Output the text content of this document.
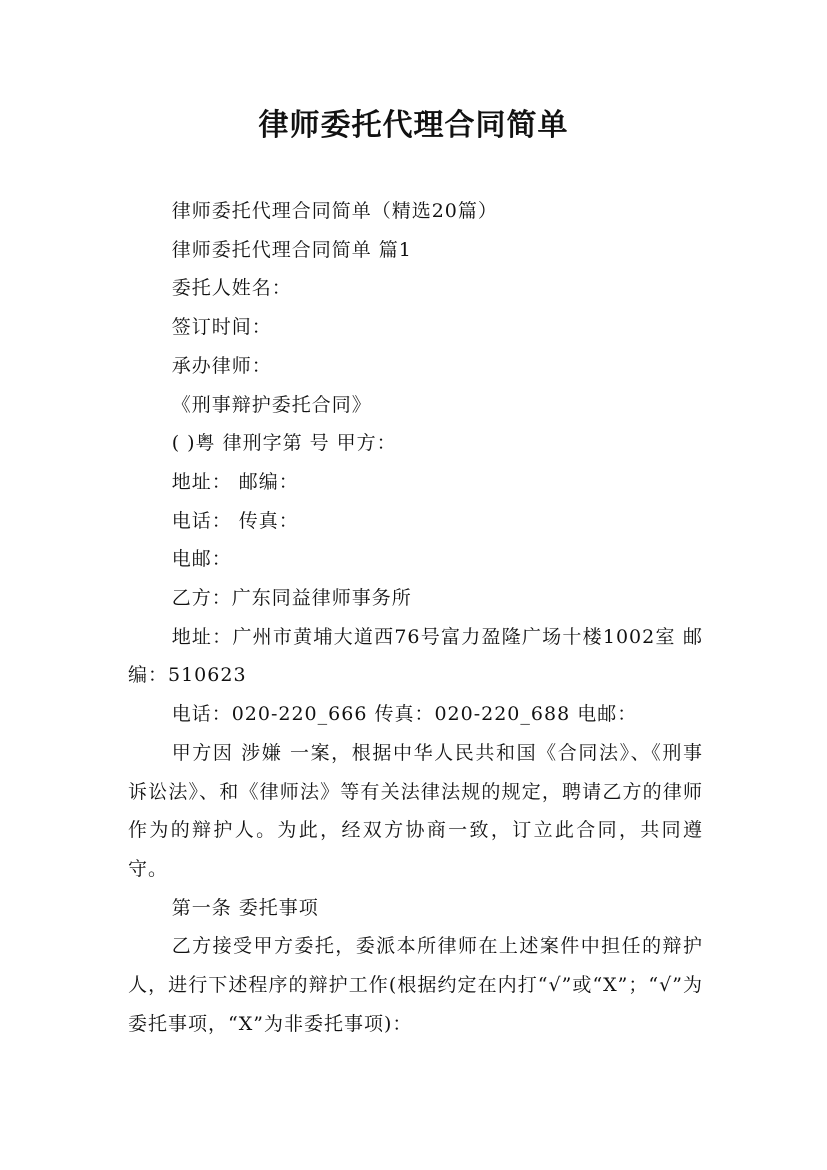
律师委托代理合同简单

律师委托代理合同简单（精选20篇）

律师委托代理合同简单 篇1

委托人姓名：

签订时间：

承办律师：

《刑事辩护委托合同》

( )粤 律刑字第 号 甲方：

地址： 邮编：

电话： 传真：

电邮：

乙方：广东同益律师事务所

地址：广州市黄埔大道西76号富力盈隆广场十楼1002室 邮编：510623

电话：020-220_666 传真：020-220_688 电邮：

甲方因 涉嫌 一案，根据中华人民共和国《合同法》、《刑事诉讼法》、和《律师法》等有关法律法规的规定，聘请乙方的律师作为的辩护人。为此，经双方协商一致，订立此合同，共同遵守。

第一条 委托事项

乙方接受甲方委托，委派本所律师在上述案件中担任的辩护人，进行下述程序的辩护工作(根据约定在内打“√”或“X”；“√”为委托事项，“X”为非委托事项)：
